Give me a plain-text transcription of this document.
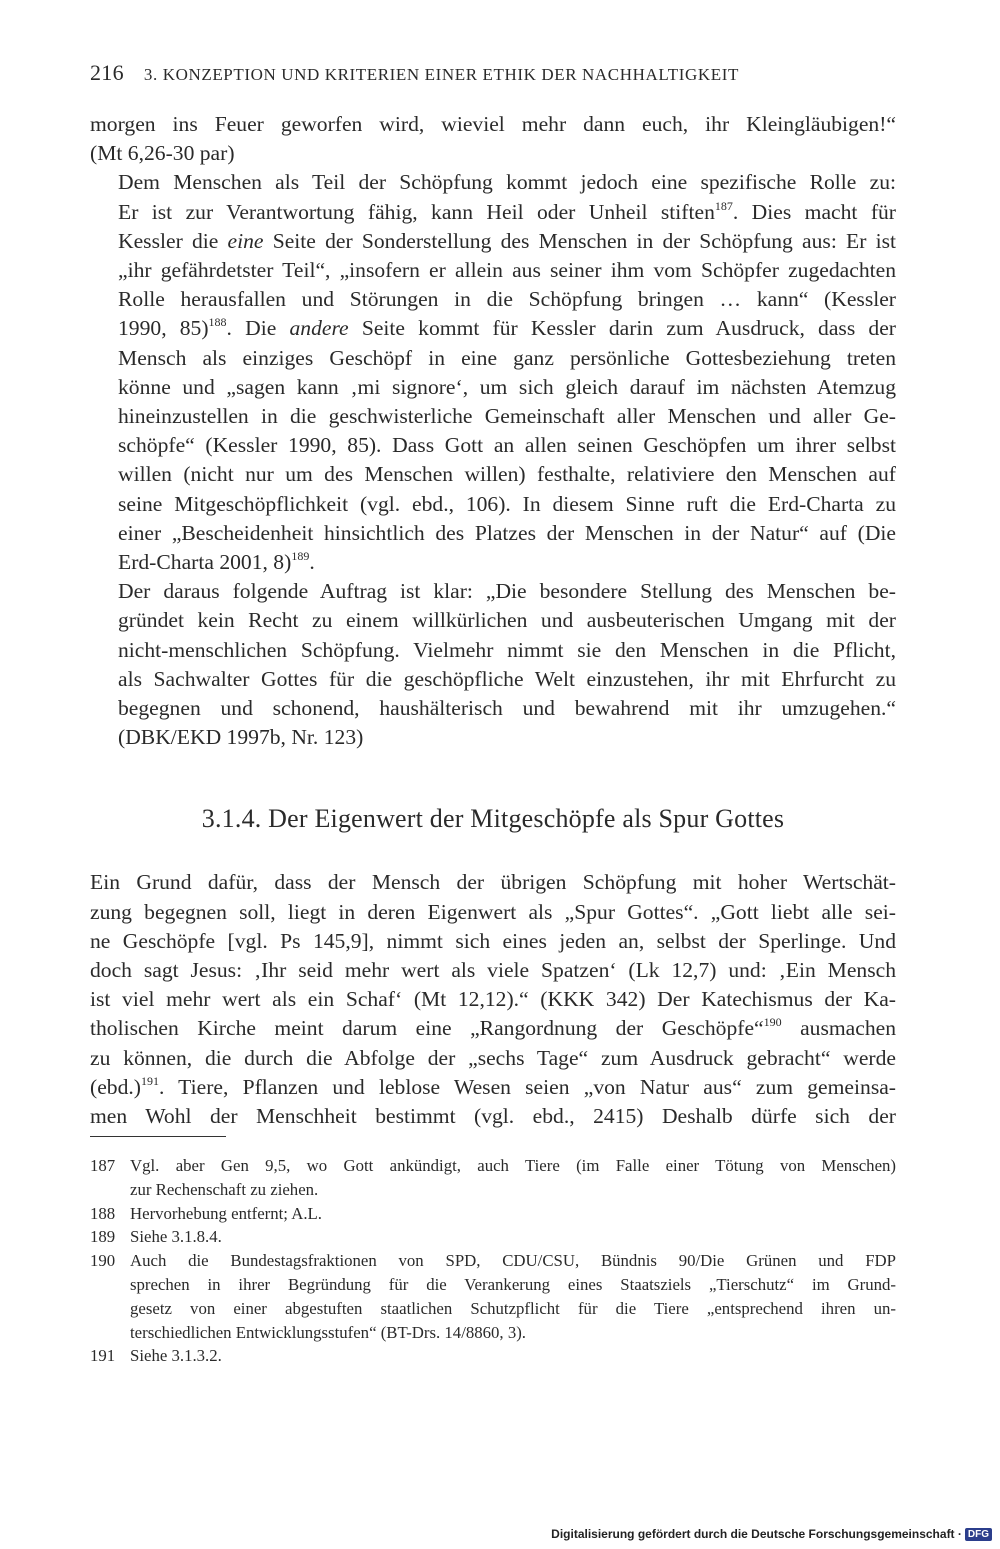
216 3. KONZEPTION UND KRITERIEN EINER ETHIK DER NACHHALTIGKEIT

morgen ins Feuer geworfen wird, wieviel mehr dann euch, ihr Kleingläubigen!“
(Mt 6,26-30 par)

Dem Menschen als Teil der Schöpfung kommt jedoch eine spezifische Rolle zu:
Er ist zur Verantwortung fähig, kann Heil oder Unheil stiften$^{187}$. Dies macht für
Kessler die eine Seite der Sonderstellung des Menschen in der Schöpfung aus: Er ist
„ihr gefährdetster Teil“, „insofern er allein aus seiner ihm vom Schöpfer zugedachten
Rolle herausfallen und Störungen in die Schöpfung bringen … kann“ (Kessler
1990, 85)$^{188}$. Die andere Seite kommt für Kessler darin zum Ausdruck, dass der
Mensch als einziges Geschöpf in eine ganz persönliche Gottesbeziehung treten
könne und „sagen kann ‚mi signore‘, um sich gleich darauf im nächsten Atemzug
hineinzustellen in die geschwisterliche Gemeinschaft aller Menschen und aller Ge-
schöpfe“ (Kessler 1990, 85). Dass Gott an allen seinen Geschöpfen um ihrer selbst
willen (nicht nur um des Menschen willen) festhalte, relativiere den Menschen auf
seine Mitgeschöpflichkeit (vgl. ebd., 106). In diesem Sinne ruft die Erd-Charta zu
einer „Bescheidenheit hinsichtlich des Platzes der Menschen in der Natur“ auf (Die
Erd-Charta 2001, 8)$^{189}$.

Der daraus folgende Auftrag ist klar: „Die besondere Stellung des Menschen be-
gründet kein Recht zu einem willkürlichen und ausbeuterischen Umgang mit der
nicht-menschlichen Schöpfung. Vielmehr nimmt sie den Menschen in die Pflicht,
als Sachwalter Gottes für die geschöpfliche Welt einzustehen, ihr mit Ehrfurcht zu
begegnen und schonend, haushälterisch und bewahrend mit ihr umzugehen.“
(DBK/EKD 1997b, Nr. 123)

3.1.4. Der Eigenwert der Mitgeschöpfe als Spur Gottes

Ein Grund dafür, dass der Mensch der übrigen Schöpfung mit hoher Wertschät-
zung begegnen soll, liegt in deren Eigenwert als „Spur Gottes“. „Gott liebt alle sei-
ne Geschöpfe [vgl. Ps 145,9], nimmt sich eines jeden an, selbst der Sperlinge. Und
doch sagt Jesus: ‚Ihr seid mehr wert als viele Spatzen‘ (Lk 12,7) und: ‚Ein Mensch
ist viel mehr wert als ein Schaf‘ (Mt 12,12).“ (KKK 342) Der Katechismus der Ka-
tholischen Kirche meint darum eine „Rangordnung der Geschöpfe“$^{190}$ ausmachen
zu können, die durch die Abfolge der „sechs Tage“ zum Ausdruck gebracht“ werde
$(ebd.)^{191}$. Tiere, Pflanzen und leblose Wesen seien „von Natur aus“ zum gemeinsa-
men Wohl der Menschheit bestimmt (vgl. ebd., 2415) Deshalb dürfe sich der

187 Vgl. aber Gen 9,5, wo Gott ankündigt, auch Tiere (im Falle einer Tötung von Menschen)
zur Rechenschaft zu ziehen.
188 Hervorhebung entfernt; A.L.
189 Siehe 3.1.8.4.
190 Auch die Bundestagsfraktionen von SPD, CDU/CSU, Bündnis 90/Die Grünen und FDP
sprechen in ihrer Begründung für die Verankerung eines Staatsziels „Tierschutz“ im Grund-
gesetz von einer abgestuften staatlichen Schutzpflicht für die Tiere „entsprechend ihren un-
terschiedlichen Entwicklungsstufen“ (BT-Drs. 14/8860, 3).
191 Siehe 3.1.3.2.
Digitalisierung gefördert durch die Deutsche Forschungsgemeinschaft · DFG
